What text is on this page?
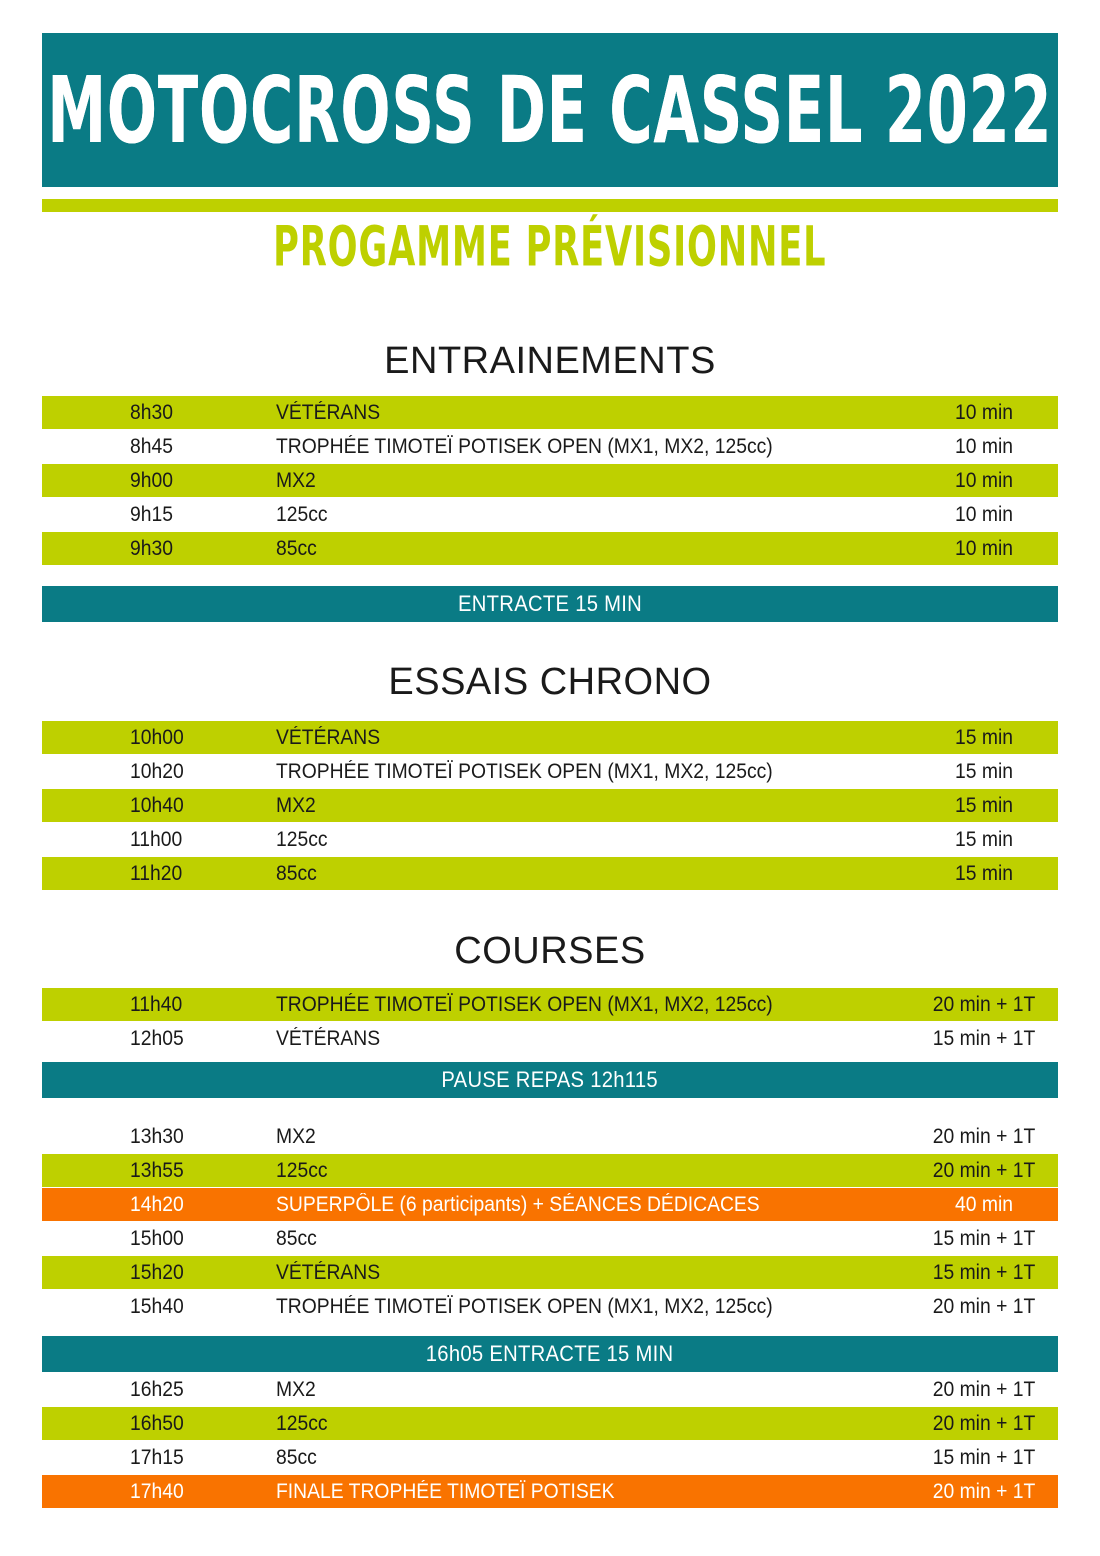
MOTOCROSS DE CASSEL 2022
PROGAMME PRÉVISIONNEL
ENTRAINEMENTS
8h30	VÉTÉRANS	10 min
8h45	TROPHÉE TIMOTEÏ POTISEK OPEN (MX1, MX2, 125cc)	10 min
9h00	MX2	10 min
9h15	125cc	10 min
9h30	85cc	10 min
ENTRACTE 15 MIN
ESSAIS CHRONO
10h00	VÉTÉRANS	15 min
10h20	TROPHÉE TIMOTEÏ POTISEK OPEN (MX1, MX2, 125cc)	15 min
10h40	MX2	15 min
11h00	125cc	15 min
11h20	85cc	15 min
COURSES
11h40	TROPHÉE TIMOTEÏ POTISEK OPEN (MX1, MX2, 125cc)	20 min + 1T
12h05	VÉTÉRANS	15 min + 1T
PAUSE REPAS 12h115
13h30	MX2	20 min + 1T
13h55	125cc	20 min + 1T
14h20	SUPERPÔLE (6 participants) + SÉANCES DÉDICACES	40 min
15h00	85cc	15 min + 1T
15h20	VÉTÉRANS	15 min + 1T
15h40	TROPHÉE TIMOTEÏ POTISEK OPEN (MX1, MX2, 125cc)	20 min + 1T
16h05 ENTRACTE 15 MIN
16h25	MX2	20 min + 1T
16h50	125cc	20 min + 1T
17h15	85cc	15 min + 1T
17h40	FINALE TROPHÉE TIMOTEÏ POTISEK	20 min + 1T
